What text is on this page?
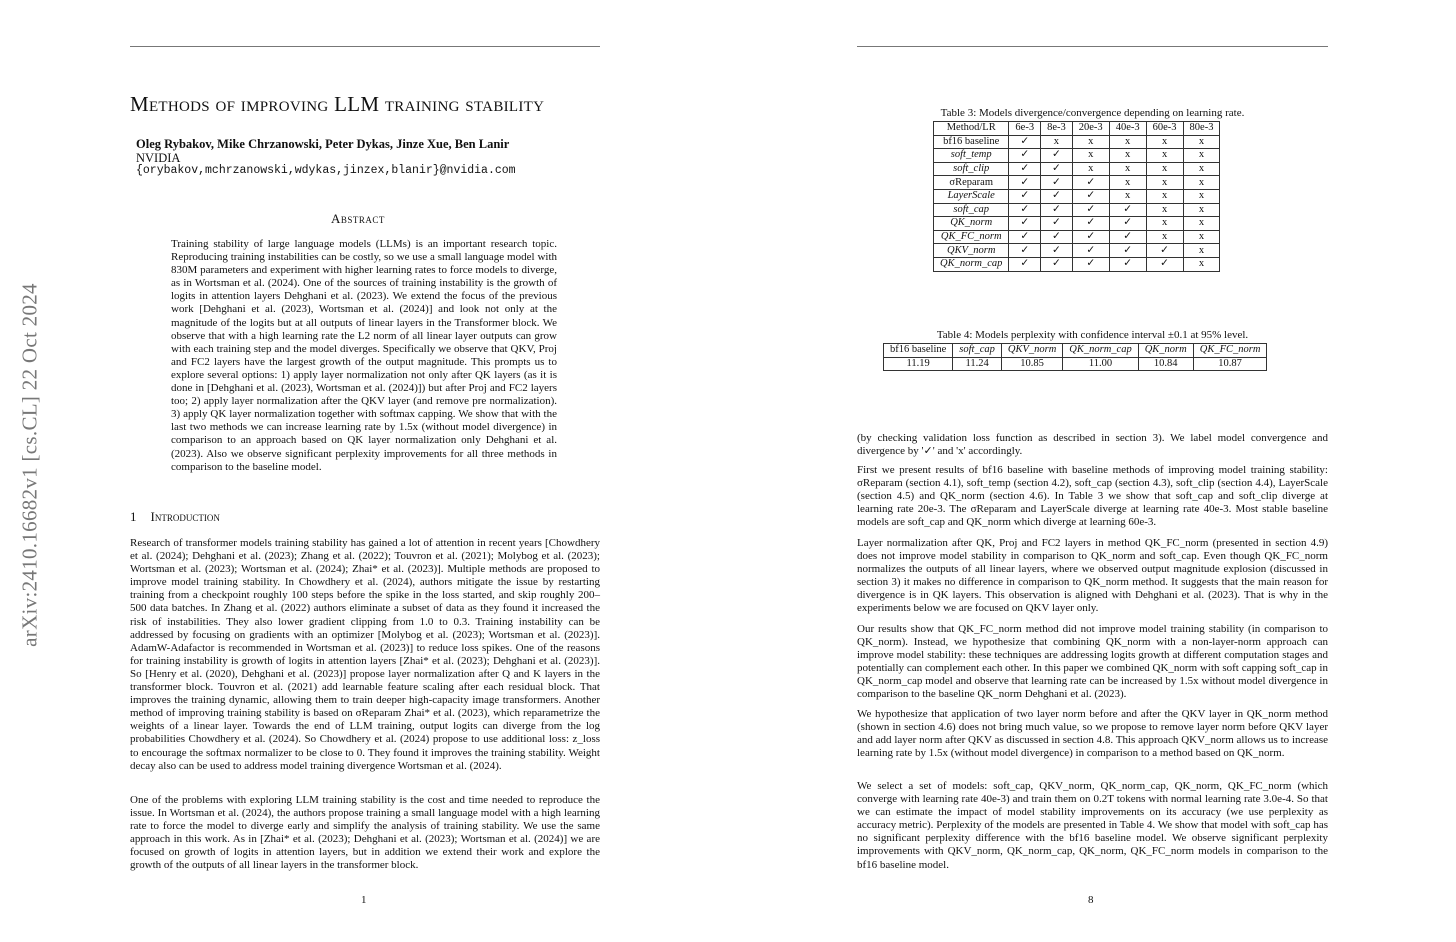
arXiv:2410.16682v1 [cs.CL] 22 Oct 2024
Methods of improving LLM training stability
Oleg Rybakov, Mike Chrzanowski, Peter Dykas, Jinze Xue, Ben Lanir
NVIDIA
{orybakov,mchrzanowski,wdykas,jinzex,blanir}@nvidia.com
Abstract
Training stability of large language models (LLMs) is an important research topic. Reproducing training instabilities can be costly, so we use a small language model with 830M parameters and experiment with higher learning rates to force models to diverge, as in Wortsman et al. (2024). One of the sources of training instability is the growth of logits in attention layers Dehghani et al. (2023). We extend the focus of the previous work [Dehghani et al. (2023), Wortsman et al. (2024)] and look not only at the magnitude of the logits but at all outputs of linear layers in the Transformer block. We observe that with a high learning rate the L2 norm of all linear layer outputs can grow with each training step and the model diverges. Specifically we observe that QKV, Proj and FC2 layers have the largest growth of the output magnitude. This prompts us to explore several options: 1) apply layer normalization not only after QK layers (as it is done in [Dehghani et al. (2023), Wortsman et al. (2024)]) but after Proj and FC2 layers too; 2) apply layer normalization after the QKV layer (and remove pre normalization). 3) apply QK layer normalization together with softmax capping. We show that with the last two methods we can increase learning rate by 1.5x (without model divergence) in comparison to an approach based on QK layer normalization only Dehghani et al. (2023). Also we observe significant perplexity improvements for all three methods in comparison to the baseline model.
1 Introduction
Research of transformer models training stability has gained a lot of attention in recent years [Chowdhery et al. (2024); Dehghani et al. (2023); Zhang et al. (2022); Touvron et al. (2021); Molybog et al. (2023); Wortsman et al. (2023); Wortsman et al. (2024); Zhai* et al. (2023)]. Multiple methods are proposed to improve model training stability. In Chowdhery et al. (2024), authors mitigate the issue by restarting training from a checkpoint roughly 100 steps before the spike in the loss started, and skip roughly 200–500 data batches. In Zhang et al. (2022) authors eliminate a subset of data as they found it increased the risk of instabilities. They also lower gradient clipping from 1.0 to 0.3. Training instability can be addressed by focusing on gradients with an optimizer [Molybog et al. (2023); Wortsman et al. (2023)]. AdamW-Adafactor is recommended in Wortsman et al. (2023)] to reduce loss spikes. One of the reasons for training instability is growth of logits in attention layers [Zhai* et al. (2023); Dehghani et al. (2023)]. So [Henry et al. (2020), Dehghani et al. (2023)] propose layer normalization after Q and K layers in the transformer block. Touvron et al. (2021) add learnable feature scaling after each residual block. That improves the training dynamic, allowing them to train deeper high-capacity image transformers. Another method of improving training stability is based on σReparam Zhai* et al. (2023), which reparametrize the weights of a linear layer. Towards the end of LLM training, output logits can diverge from the log probabilities Chowdhery et al. (2024). So Chowdhery et al. (2024) propose to use additional loss: z_loss to encourage the softmax normalizer to be close to 0. They found it improves the training stability. Weight decay also can be used to address model training divergence Wortsman et al. (2024).
One of the problems with exploring LLM training stability is the cost and time needed to reproduce the issue. In Wortsman et al. (2024), the authors propose training a small language model with a high learning rate to force the model to diverge early and simplify the analysis of training stability. We use the same approach in this work. As in [Zhai* et al. (2023); Dehghani et al. (2023); Wortsman et al. (2024)] we are focused on growth of logits in attention layers, but in addition we extend their work and explore the growth of the outputs of all linear layers in the transformer block.
1
Table 3: Models divergence/convergence depending on learning rate.
Method/LR	6e-3	8e-3	20e-3	40e-3	60e-3	80e-3
bf16 baseline	✓	x	x	x	x	x
soft_temp	✓	✓	x	x	x	x
soft_clip	✓	✓	x	x	x	x
σReparam	✓	✓	✓	x	x	x
LayerScale	✓	✓	✓	x	x	x
soft_cap	✓	✓	✓	✓	x	x
QK_norm	✓	✓	✓	✓	x	x
QK_FC_norm	✓	✓	✓	✓	x	x
QKV_norm	✓	✓	✓	✓	✓	x
QK_norm_cap	✓	✓	✓	✓	✓	x
Table 4: Models perplexity with confidence interval ±0.1 at 95% level.
bf16 baseline	soft_cap	QKV_norm	QK_norm_cap	QK_norm	QK_FC_norm
11.19	11.24	10.85	11.00	10.84	10.87
(by checking validation loss function as described in section 3). We label model convergence and divergence by '✓' and 'x' accordingly.
First we present results of bf16 baseline with baseline methods of improving model training stability: σReparam (section 4.1), soft_temp (section 4.2), soft_cap (section 4.3), soft_clip (section 4.4), LayerScale (section 4.5) and QK_norm (section 4.6). In Table 3 we show that soft_cap and soft_clip diverge at learning rate 20e-3. The σReparam and LayerScale diverge at learning rate 40e-3. Most stable baseline models are soft_cap and QK_norm which diverge at learning 60e-3.
Layer normalization after QK, Proj and FC2 layers in method QK_FC_norm (presented in section 4.9) does not improve model stability in comparison to QK_norm and soft_cap. Even though QK_FC_norm normalizes the outputs of all linear layers, where we observed output magnitude explosion (discussed in section 3) it makes no difference in comparison to QK_norm method. It suggests that the main reason for divergence is in QK layers. This observation is aligned with Dehghani et al. (2023). That is why in the experiments below we are focused on QKV layer only.
Our results show that QK_FC_norm method did not improve model training stability (in comparison to QK_norm). Instead, we hypothesize that combining QK_norm with a non-layer-norm approach can improve model stability: these techniques are addressing logits growth at different computation stages and potentially can complement each other. In this paper we combined QK_norm with soft capping soft_cap in QK_norm_cap model and observe that learning rate can be increased by 1.5x without model divergence in comparison to the baseline QK_norm Dehghani et al. (2023).
We hypothesize that application of two layer norm before and after the QKV layer in QK_norm method (shown in section 4.6) does not bring much value, so we propose to remove layer norm before QKV layer and add layer norm after QKV as discussed in section 4.8. This approach QKV_norm allows us to increase learning rate by 1.5x (without model divergence) in comparison to a method based on QK_norm.
We select a set of models: soft_cap, QKV_norm, QK_norm_cap, QK_norm, QK_FC_norm (which converge with learning rate 40e-3) and train them on 0.2T tokens with normal learning rate 3.0e-4. So that we can estimate the impact of model stability improvements on its accuracy (we use perplexity as accuracy metric). Perplexity of the models are presented in Table 4. We show that model with soft_cap has no significant perplexity difference with the bf16 baseline model. We observe significant perplexity improvements with QKV_norm, QK_norm_cap, QK_norm, QK_FC_norm models in comparison to the bf16 baseline model.
8
